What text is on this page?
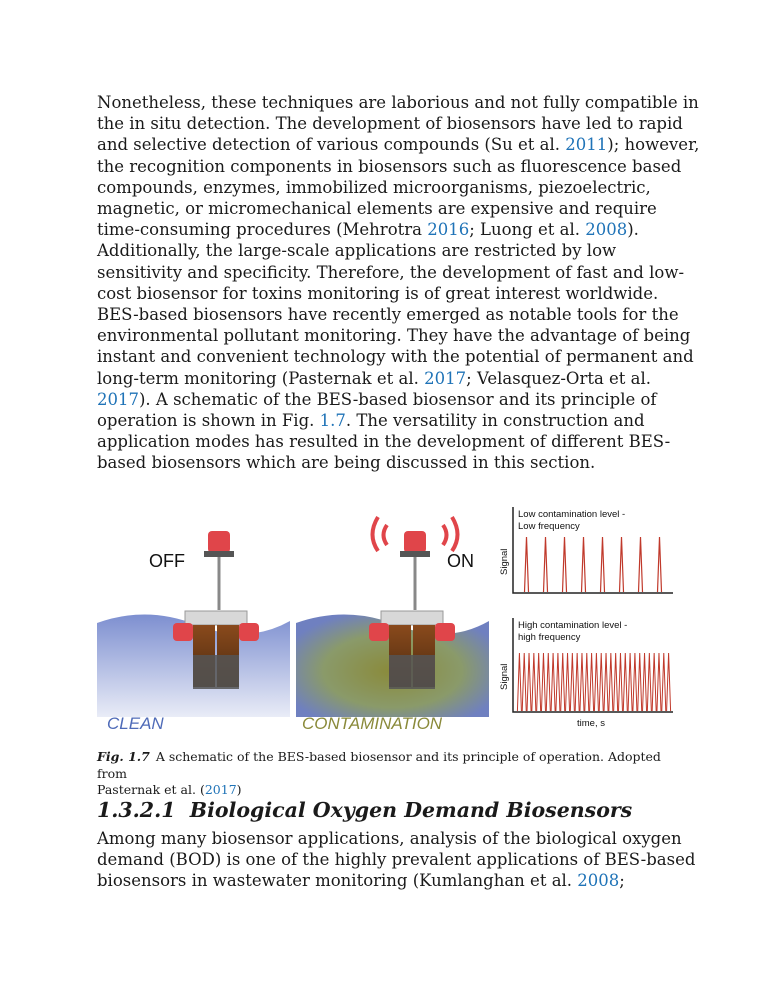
Nonetheless, these techniques are laborious and not fully compatible in
the in situ detection. The development of biosensors have led to rapid
and selective detection of various compounds (Su et al. 2011); however,
the recognition components in biosensors such as fluorescence based
compounds, enzymes, immobilized microorganisms, piezoelectric,
magnetic, or micromechanical elements are expensive and require
time-consuming procedures (Mehrotra 2016; Luong et al. 2008).
Additionally, the large-scale applications are restricted by low
sensitivity and specificity. Therefore, the development of fast and low-
cost biosensor for toxins monitoring is of great interest worldwide.
BES-based biosensors have recently emerged as notable tools for the
environmental pollutant monitoring. They have the advantage of being
instant and convenient technology with the potential of permanent and
long-term monitoring (Pasternak et al. 2017; Velasquez-Orta et al.
2017). A schematic of the BES-based biosensor and its principle of
operation is shown in Fig. 1.7. The versatility in construction and
application modes has resulted in the development of different BES-
based biosensors which are being discussed in this section.

OFF	ON
CLEAN	CONTAMINATION
Low contamination level -
Low frequency
Signal
High contamination level -
high frequency
Signal
time, s
Fig. 1.7 A schematic of the BES-based biosensor and its principle of operation. Adopted from
Pasternak et al. (2017)
1.3.2.1 Biological Oxygen Demand Biosensors

Among many biosensor applications, analysis of the biological oxygen
demand (BOD) is one of the highly prevalent applications of BES-based
biosensors in wastewater monitoring (Kumlanghan et al. 2008;
